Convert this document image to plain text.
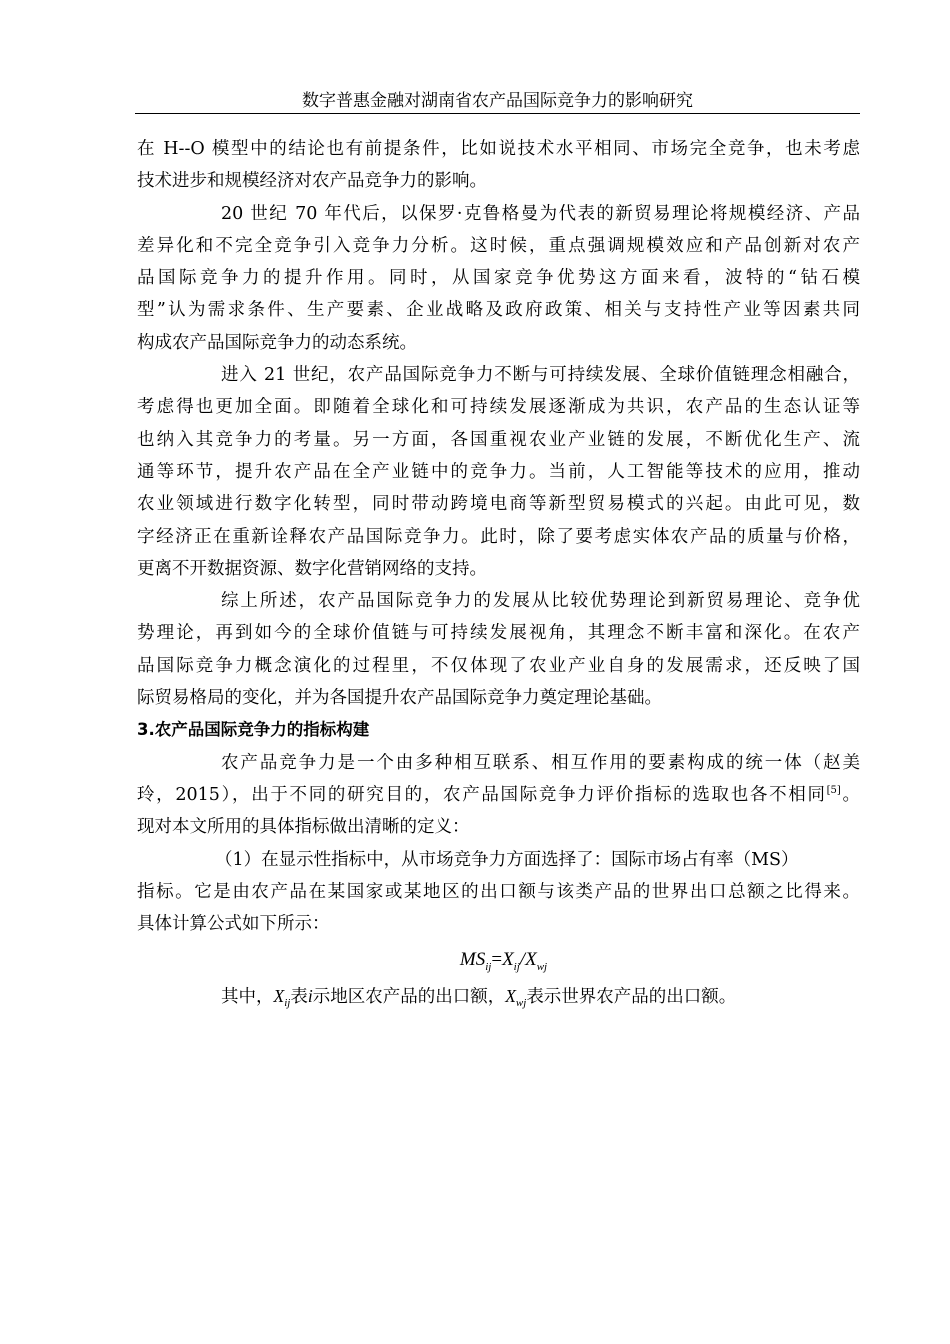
数字普惠金融对湖南省农产品国际竞争力的影响研究
在 H--O 模型中的结论也有前提条件，比如说技术水平相同、市场完全竞争，也未考虑
技术进步和规模经济对农产品竞争力的影响。
20 世纪 70 年代后，以保罗·克鲁格曼为代表的新贸易理论将规模经济、产品
差异化和不完全竞争引入竞争力分析。这时候，重点强调规模效应和产品创新对农产
品国际竞争力的提升作用。同时，从国家竞争优势这方面来看，波特的“钻石模
型”认为需求条件、生产要素、企业战略及政府政策、相关与支持性产业等因素共同
构成农产品国际竞争力的动态系统。
进入 21 世纪，农产品国际竞争力不断与可持续发展、全球价值链理念相融合，
考虑得也更加全面。即随着全球化和可持续发展逐渐成为共识，农产品的生态认证等
也纳入其竞争力的考量。另一方面，各国重视农业产业链的发展，不断优化生产、流
通等环节，提升农产品在全产业链中的竞争力。当前，人工智能等技术的应用，推动
农业领域进行数字化转型，同时带动跨境电商等新型贸易模式的兴起。由此可见，数
字经济正在重新诠释农产品国际竞争力。此时，除了要考虑实体农产品的质量与价格，
更离不开数据资源、数字化营销网络的支持。
综上所述，农产品国际竞争力的发展从比较优势理论到新贸易理论、竞争优
势理论，再到如今的全球价值链与可持续发展视角，其理念不断丰富和深化。在农产
品国际竞争力概念演化的过程里，不仅体现了农业产业自身的发展需求，还反映了国
际贸易格局的变化，并为各国提升农产品国际竞争力奠定理论基础。
3.农产品国际竞争力的指标构建
农产品竞争力是一个由多种相互联系、相互作用的要素构成的统一体（赵美
玲，2015），出于不同的研究目的，农产品国际竞争力评价指标的选取也各不相同[5]。
现对本文所用的具体指标做出清晰的定义：
（1）在显示性指标中，从市场竞争力方面选择了：国际市场占有率（MS）
指标。它是由农产品在某国家或某地区的出口额与该类产品的世界出口总额之比得来。
具体计算公式如下所示：
$MS_{ij}=X_{ij}/X_{wj}$
其中，$X_{ij}$表i示地区农产品的出口额，$X_{wj}$表示世界农产品的出口额。
